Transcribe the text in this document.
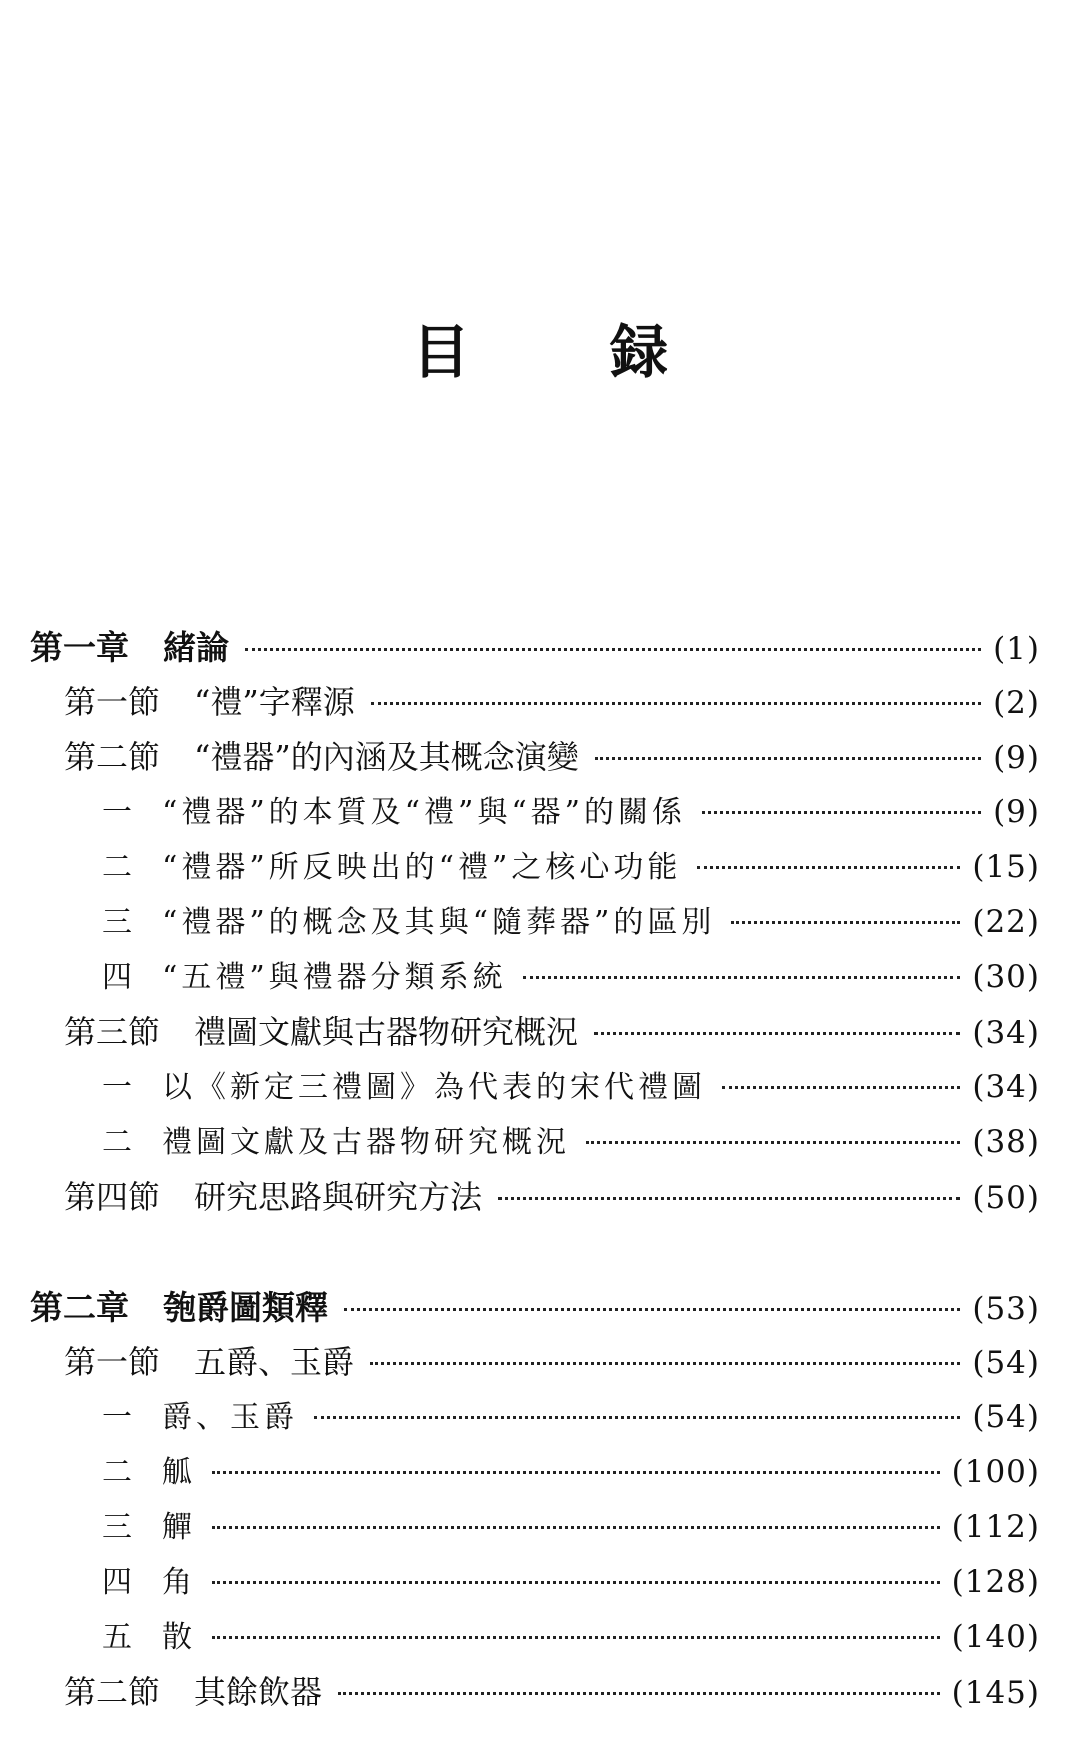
目 録
第一章 緒論	(1)
第一節 “禮”字釋源	(2)
第二節 “禮器”的內涵及其概念演變	(9)
一 “禮器”的本質及“禮”與“器”的關係	(9)
二 “禮器”所反映出的“禮”之核心功能	(15)
三 “禮器”的概念及其與“隨葬器”的區別	(22)
四 “五禮”與禮器分類系統	(30)
第三節 禮圖文獻與古器物研究概況	(34)
一 以《新定三禮圖》為代表的宋代禮圖	(34)
二 禮圖文獻及古器物研究概況	(38)
第四節 研究思路與研究方法	(50)
第二章 匏爵圖類釋	(53)
第一節 五爵、玉爵	(54)
一 爵、玉爵	(54)
二 觚	(100)
三 觶	(112)
四 角	(128)
五 散	(140)
第二節 其餘飲器	(145)
